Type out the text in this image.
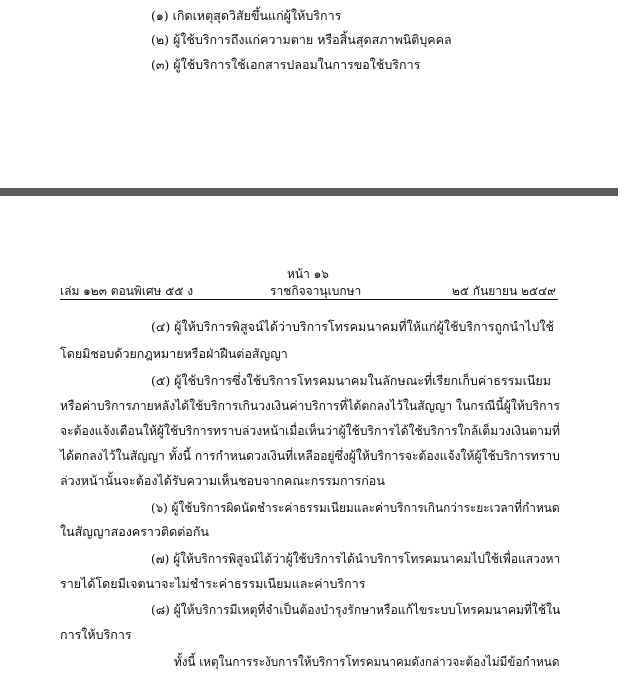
(๑) เกิดเหตุสุดวิสัยขึ้นแก่ผู้ให้บริการ
(๒) ผู้ใช้บริการถึงแก่ความตาย หรือสิ้นสุดสภาพนิติบุคคล
(๓) ผู้ใช้บริการใช้เอกสารปลอมในการขอใช้บริการ
หน้า ๑๖
เล่ม ๑๒๓ ตอนพิเศษ ๕๕ ง	ราชกิจจานุเบกษา	๒๕ กันยายน ๒๕๔๙
(๔) ผู้ให้บริการพิสูจน์ได้ว่าบริการโทรคมนาคมที่ให้แก่ผู้ใช้บริการถูกนำไปใช้
โดยมิชอบด้วยกฎหมายหรือฝ่าฝืนต่อสัญญา
(๕) ผู้ใช้บริการซึ่งใช้บริการโทรคมนาคมในลักษณะที่เรียกเก็บค่าธรรมเนียม
หรือค่าบริการภายหลังได้ใช้บริการเกินวงเงินค่าบริการที่ได้ตกลงไว้ในสัญญา ในกรณีนี้ผู้ให้บริการ
จะต้องแจ้งเตือนให้ผู้ใช้บริการทราบล่วงหน้าเมื่อเห็นว่าผู้ใช้บริการได้ใช้บริการใกล้เต็มวงเงินตามที่
ได้ตกลงไว้ในสัญญา ทั้งนี้ การกำหนดวงเงินที่เหลืออยู่ซึ่งผู้ให้บริการจะต้องแจ้งให้ผู้ใช้บริการทราบ
ล่วงหน้านั้นจะต้องได้รับความเห็นชอบจากคณะกรรมการก่อน
(๖) ผู้ใช้บริการผิดนัดชำระค่าธรรมเนียมและค่าบริการเกินกว่าระยะเวลาที่กำหนด
ในสัญญาสองคราวติดต่อกัน
(๗) ผู้ให้บริการพิสูจน์ได้ว่าผู้ใช้บริการได้นำบริการโทรคมนาคมไปใช้เพื่อแสวงหา
รายได้โดยมีเจตนาจะไม่ชำระค่าธรรมเนียมและค่าบริการ
(๘) ผู้ให้บริการมีเหตุที่จำเป็นต้องบำรุงรักษาหรือแก้ไขระบบโทรคมนาคมที่ใช้ใน
การให้บริการ
ทั้งนี้ เหตุในการระงับการให้บริการโทรคมนาคมดังกล่าวจะต้องไม่มีข้อกำหนด
